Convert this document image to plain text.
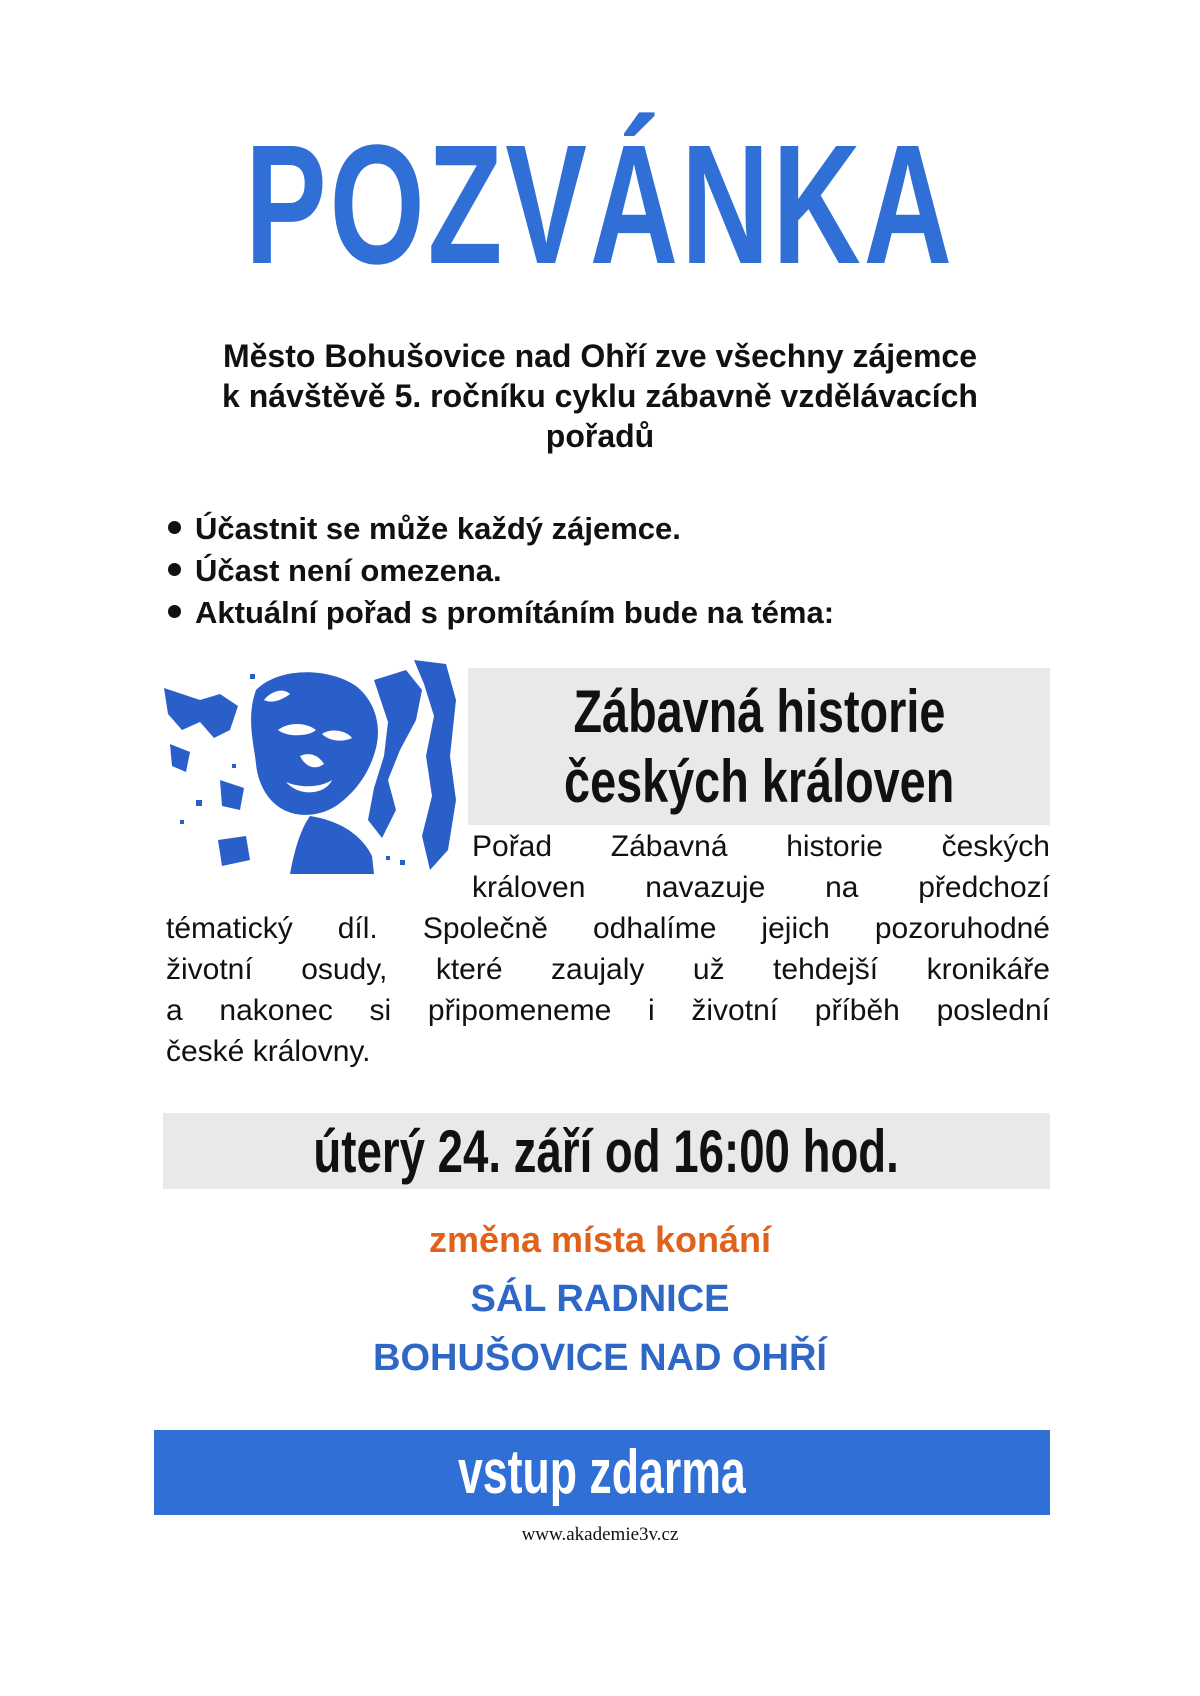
POZVÁNKA
Město Bohušovice nad Ohří zve všechny zájemce
k návštěvě 5. ročníku cyklu zábavně vzdělávacích
pořadů
Účastnit se může každý zájemce.
Účast není omezena.
Aktuální pořad s promítáním bude na téma:
Zábavná historie
českých královen
Pořad Zábavná historie českých
královen navazuje na předchozí
tématický díl. Společně odhalíme jejich pozoruhodné
životní osudy, které zaujaly už tehdejší kronikáře
a nakonec si připomeneme i životní příběh poslední
české královny.
úterý 24. září od 16:00 hod.
změna místa konání
SÁL RADNICE
BOHUŠOVICE NAD OHŘÍ
vstup zdarma
www.akademie3v.cz
